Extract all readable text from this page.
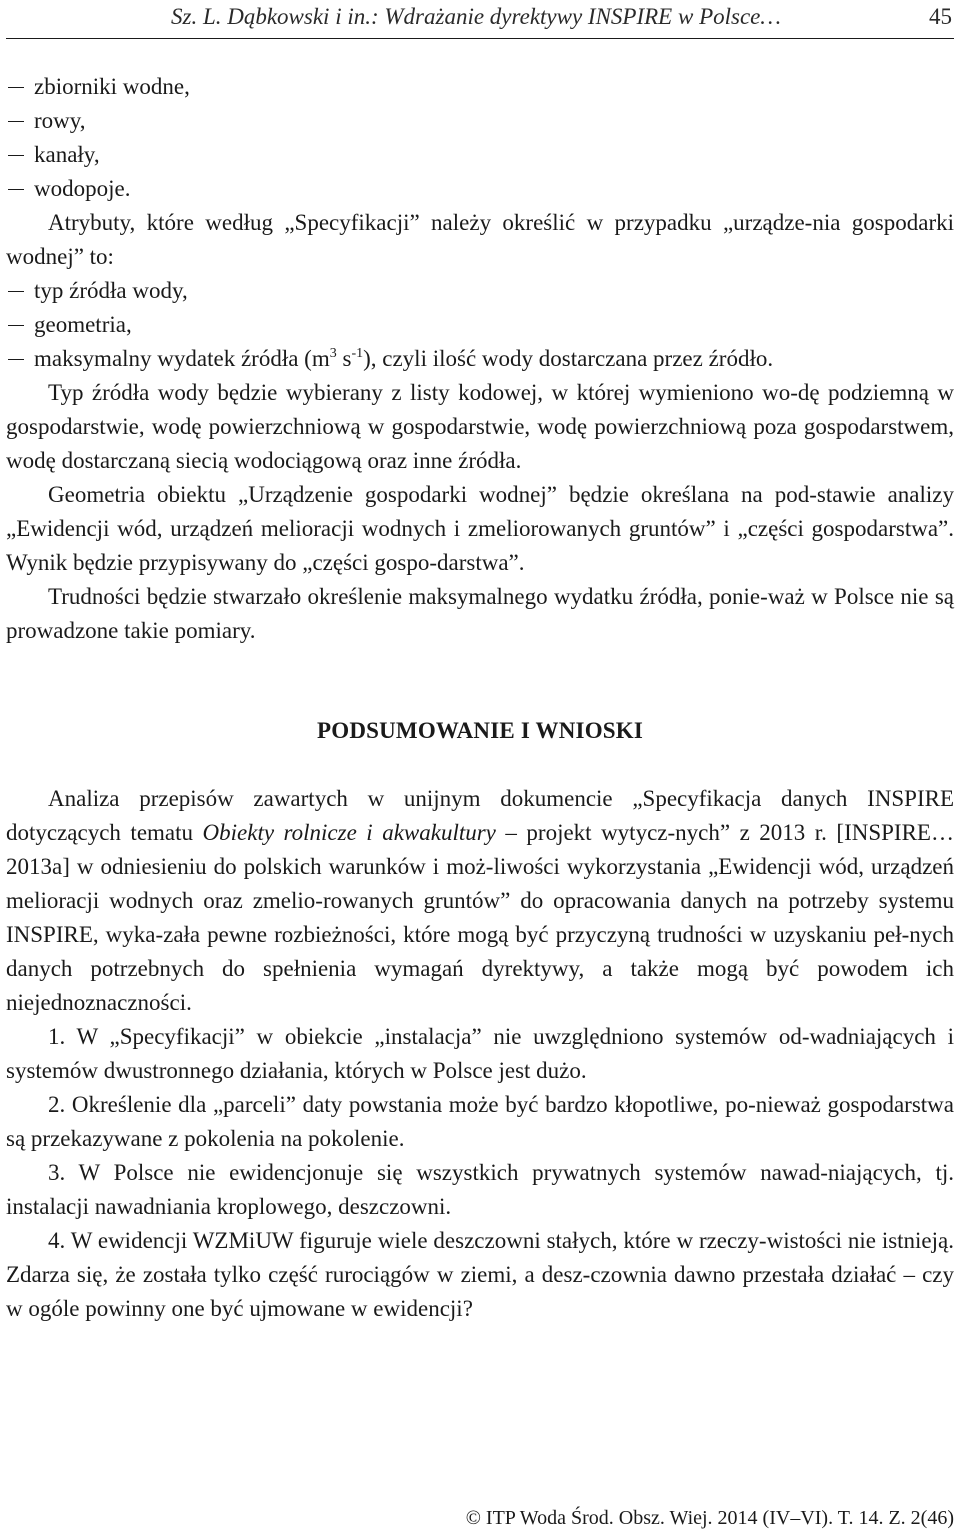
Sz. L. Dąbkowski i in.: Wdrażanie dyrektywy INSPIRE w Polsce…	45

zbiorniki wodne,

rowy,

kanały,

wodopoje.

Atrybuty, które według „Specyfikacji” należy określić w przypadku „urządze-nia gospodarki wodnej” to:

typ źródła wody,

geometria,

maksymalny wydatek źródła ($m^3$ $s^{-1}$), czyli ilość wody dostarczana przez źródło.

Typ źródła wody będzie wybierany z listy kodowej, w której wymieniono wo-dę podziemną w gospodarstwie, wodę powierzchniową w gospodarstwie, wodę powierzchniową poza gospodarstwem, wodę dostarczaną siecią wodociągową oraz inne źródła.

Geometria obiektu „Urządzenie gospodarki wodnej” będzie określana na pod-stawie analizy „Ewidencji wód, urządzeń melioracji wodnych i zmeliorowanych gruntów” i „części gospodarstwa”. Wynik będzie przypisywany do „części gospo-darstwa”.

Trudności będzie stwarzało określenie maksymalnego wydatku źródła, ponie-waż w Polsce nie są prowadzone takie pomiary.

PODSUMOWANIE I WNIOSKI

Analiza przepisów zawartych w unijnym dokumencie „Specyfikacja danych INSPIRE dotyczących tematu Obiekty rolnicze i akwakultury – projekt wytycz-nych” z 2013 r. [INSPIRE… 2013a] w odniesieniu do polskich warunków i moż-liwości wykorzystania „Ewidencji wód, urządzeń melioracji wodnych oraz zmelio-rowanych gruntów” do opracowania danych na potrzeby systemu INSPIRE, wyka-zała pewne rozbieżności, które mogą być przyczyną trudności w uzyskaniu peł-nych danych potrzebnych do spełnienia wymagań dyrektywy, a także mogą być powodem ich niejednoznaczności.

1. W „Specyfikacji” w obiekcie „instalacja” nie uwzględniono systemów od-wadniających i systemów dwustronnego działania, których w Polsce jest dużo.

2. Określenie dla „parceli” daty powstania może być bardzo kłopotliwe, po-nieważ gospodarstwa są przekazywane z pokolenia na pokolenie.

3. W Polsce nie ewidencjonuje się wszystkich prywatnych systemów nawad-niających, tj. instalacji nawadniania kroplowego, deszczowni.

4. W ewidencji WZMiUW figuruje wiele deszczowni stałych, które w rzeczy-wistości nie istnieją. Zdarza się, że została tylko część rurociągów w ziemi, a desz-czownia dawno przestała działać – czy w ogóle powinny one być ujmowane w ewidencji?

© ITP Woda Środ. Obsz. Wiej. 2014 (IV–VI). T. 14. Z. 2(46)
